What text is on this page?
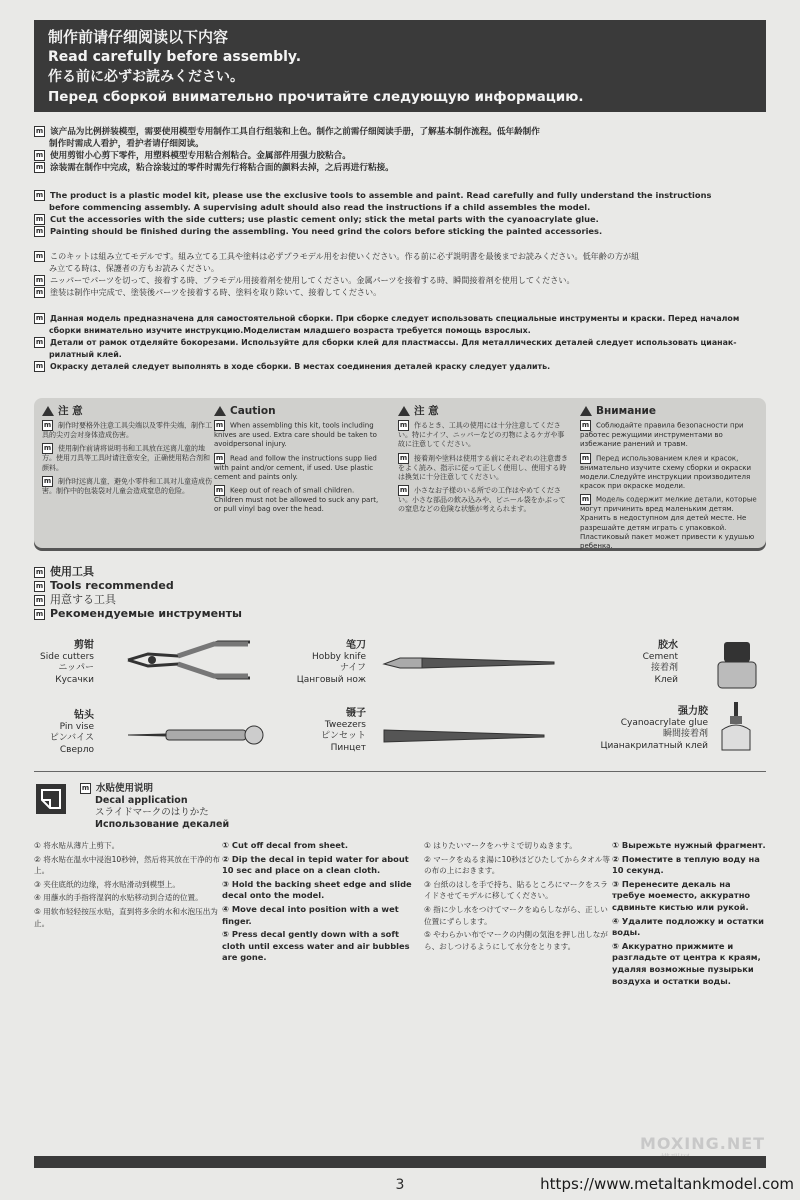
制作前请仔细阅读以下内容
Read carefully before assembly.
作る前に必ずお読みください。
Перед сборкой внимательно прочитайте следующую информацию.

m 该产品为比例拼装模型，需要使用模型专用制作工具自行组装和上色。制作之前需仔细阅读手册，了解基本制作流程。低年龄制作

制作时需成人看护，看护者请仔细阅读。

m 使用剪钳小心剪下零件，用塑料模型专用粘合剂粘合。金属部件用强力胶粘合。

m 涂装需在制作中完成，粘合涂装过的零件时需先行将粘合面的颜料去掉，之后再进行粘接。

m The product is a plastic model kit, please use the exclusive tools to assemble and paint. Read carefully and fully understand the instructions

before commencing assembly. A supervising adult should also read the instructions if a child assembles the model.

m Cut the accessories with the side cutters; use plastic cement only; stick the metal parts with the cyanoacrylate glue.

m Painting should be finished during the assembling. You need grind the colors before sticking the painted accessories.

m このキットは組み立てモデルです。組み立てる工具や塗料は必ずプラモデル用をお使いください。作る前に必ず説明書を最後までお読みください。低年齢の方が組

み立てる時は、保護者の方もお読みください。

m ニッパーでパーツを切って、接着する時、プラモデル用接着剤を使用してください。金属パーツを接着する時、瞬間接着剤を使用してください。

m 塗装は制作中完成で、塗装後パーツを接着する時、塗料を取り除いて、接着してください。

m Данная модель предназначена для самостоятельной сборки. При сборке следует использовать специальные инструменты и краски. Перед началом

сборки внимательно изучите инструкцию.Моделистам младшего возраста требуется помощь взрослых.

m Детали от рамок отделяйте бокорезами. Используйте для сборки клей для пластмассы. Для металлических деталей следует использовать цианак-

рилатный клей.

m Окраску деталей следует выполнять в ходе сборки. В местах соединения деталей краску следует удалить.

注 意
m 制作时要格外注意工具尖端以及零件尖端，制作工具的尖刃会对身体造成伤害。
m 使用制作前请将说明书和工具放在远离儿童的地方。使用刀具等工具时请注意安全，正确使用粘合剂和颜料。
m 制作时远离儿童，避免小零件和工具对儿童造成伤害。制作中的包装袋对儿童会造成窒息的危险。
Caution
m When assembling this kit, tools including knives are used. Extra care should be taken to avoidpersonal injury.
m Read and follow the instructions supp lied with paint and/or cement, if used. Use plastic cement and paints only.
m Keep out of reach of small children. Children must not be allowed to suck any part, or pull vinyl bag over the head.
注 意
m 作るとき、工具の使用には十分注意してください。特にナイフ、ニッパーなどの刃物によるケガや事故に注意してください。
m 接着剤や塗料は使用する前にそれぞれの注意書きをよく読み、指示に従って正しく使用し、使用する時は換気に十分注意してください。
m 小さなお子様のいる所での工作はやめてください。小さな部品の飲み込みや、ビニール袋をかぶっての窒息などの危険な状態が考えられます。
Внимание
m Соблюдайте правила безопасности при работес режущими инструментами во избежание ранений и травм.
m Перед использованием клея и красок, внимательно изучите схему сборки и окраски модели.Следуйте инструкции производителя красок при окраске модели.
m Модель содержит мелкие детали, которые могут причинить вред маленьким детям. Хранить в недоступном для детей месте. Не разрешайте детям играть с упаковкой. Пластиковый пакет может привести к удушью ребенка.
m 使用工具
m Tools recommended
m 用意する工具
m Рекомендуемые инструменты
剪钳
Side cutters
ニッパー
Кусачки
笔刀
Hobby knife
ナイフ
Цанговый нож
胶水
Cement
接着剤
Клей
钻头
Pin vise
ピンバイス
Сверло
镊子
Tweezers
ピンセット
Пинцет
强力胶
Cyanoacrylate glue
瞬間接着剤
Цианакрилатный клей
m 水贴使用说明
Decal application
スライドマークのはりかた
Использование декалей
① 将水贴从薄片上剪下。
② 将水贴在温水中浸泡10秒钟，然后将其放在干净的布上。
③ 夹住底纸的边缘，将水贴滑动到模型上。
④ 用蘸水的手指将湿润的水贴移动到合适的位置。
⑤ 用软布轻轻按压水贴，直到将多余的水和水泡压出为止。
① Cut off decal from sheet.
② Dip the decal in tepid water for about 10 sec and place on a clean cloth.
③ Hold the backing sheet edge and slide decal onto the model.
④ Move decal into position with a wet finger.
⑤ Press decal gently down with a soft cloth until excess water and air bubbles are gone.
① はりたいマークをハサミで切りぬきます。
② マークをぬるま湯に10秒ほどひたしてからタオル等の布の上におきます。
③ 台紙のはしを手で持ち、貼るところにマークをスライドさせてモデルに移してください。
④ 指に少し水をつけてマークをぬらしながら、正しい位置にずらします。
⑤ やわらかい布でマークの内側の気泡を押し出しながら、おしつけるようにして水分をとります。
① Вырежьте нужный фрагмент.
② Поместите в теплую воду на 10 секунд.
③ Перенесите декаль на требуе моеместо, аккуратно сдвиньте кистью или рукой.
④ Удалите подложку и остатки воды.
⑤ Аккуратно прижмите и разгладьте от центра к краям, удаляя возможные пузырьки воздуха и остатки воды.
MOXING.NET
3	https://www.metaltankmodel.com
